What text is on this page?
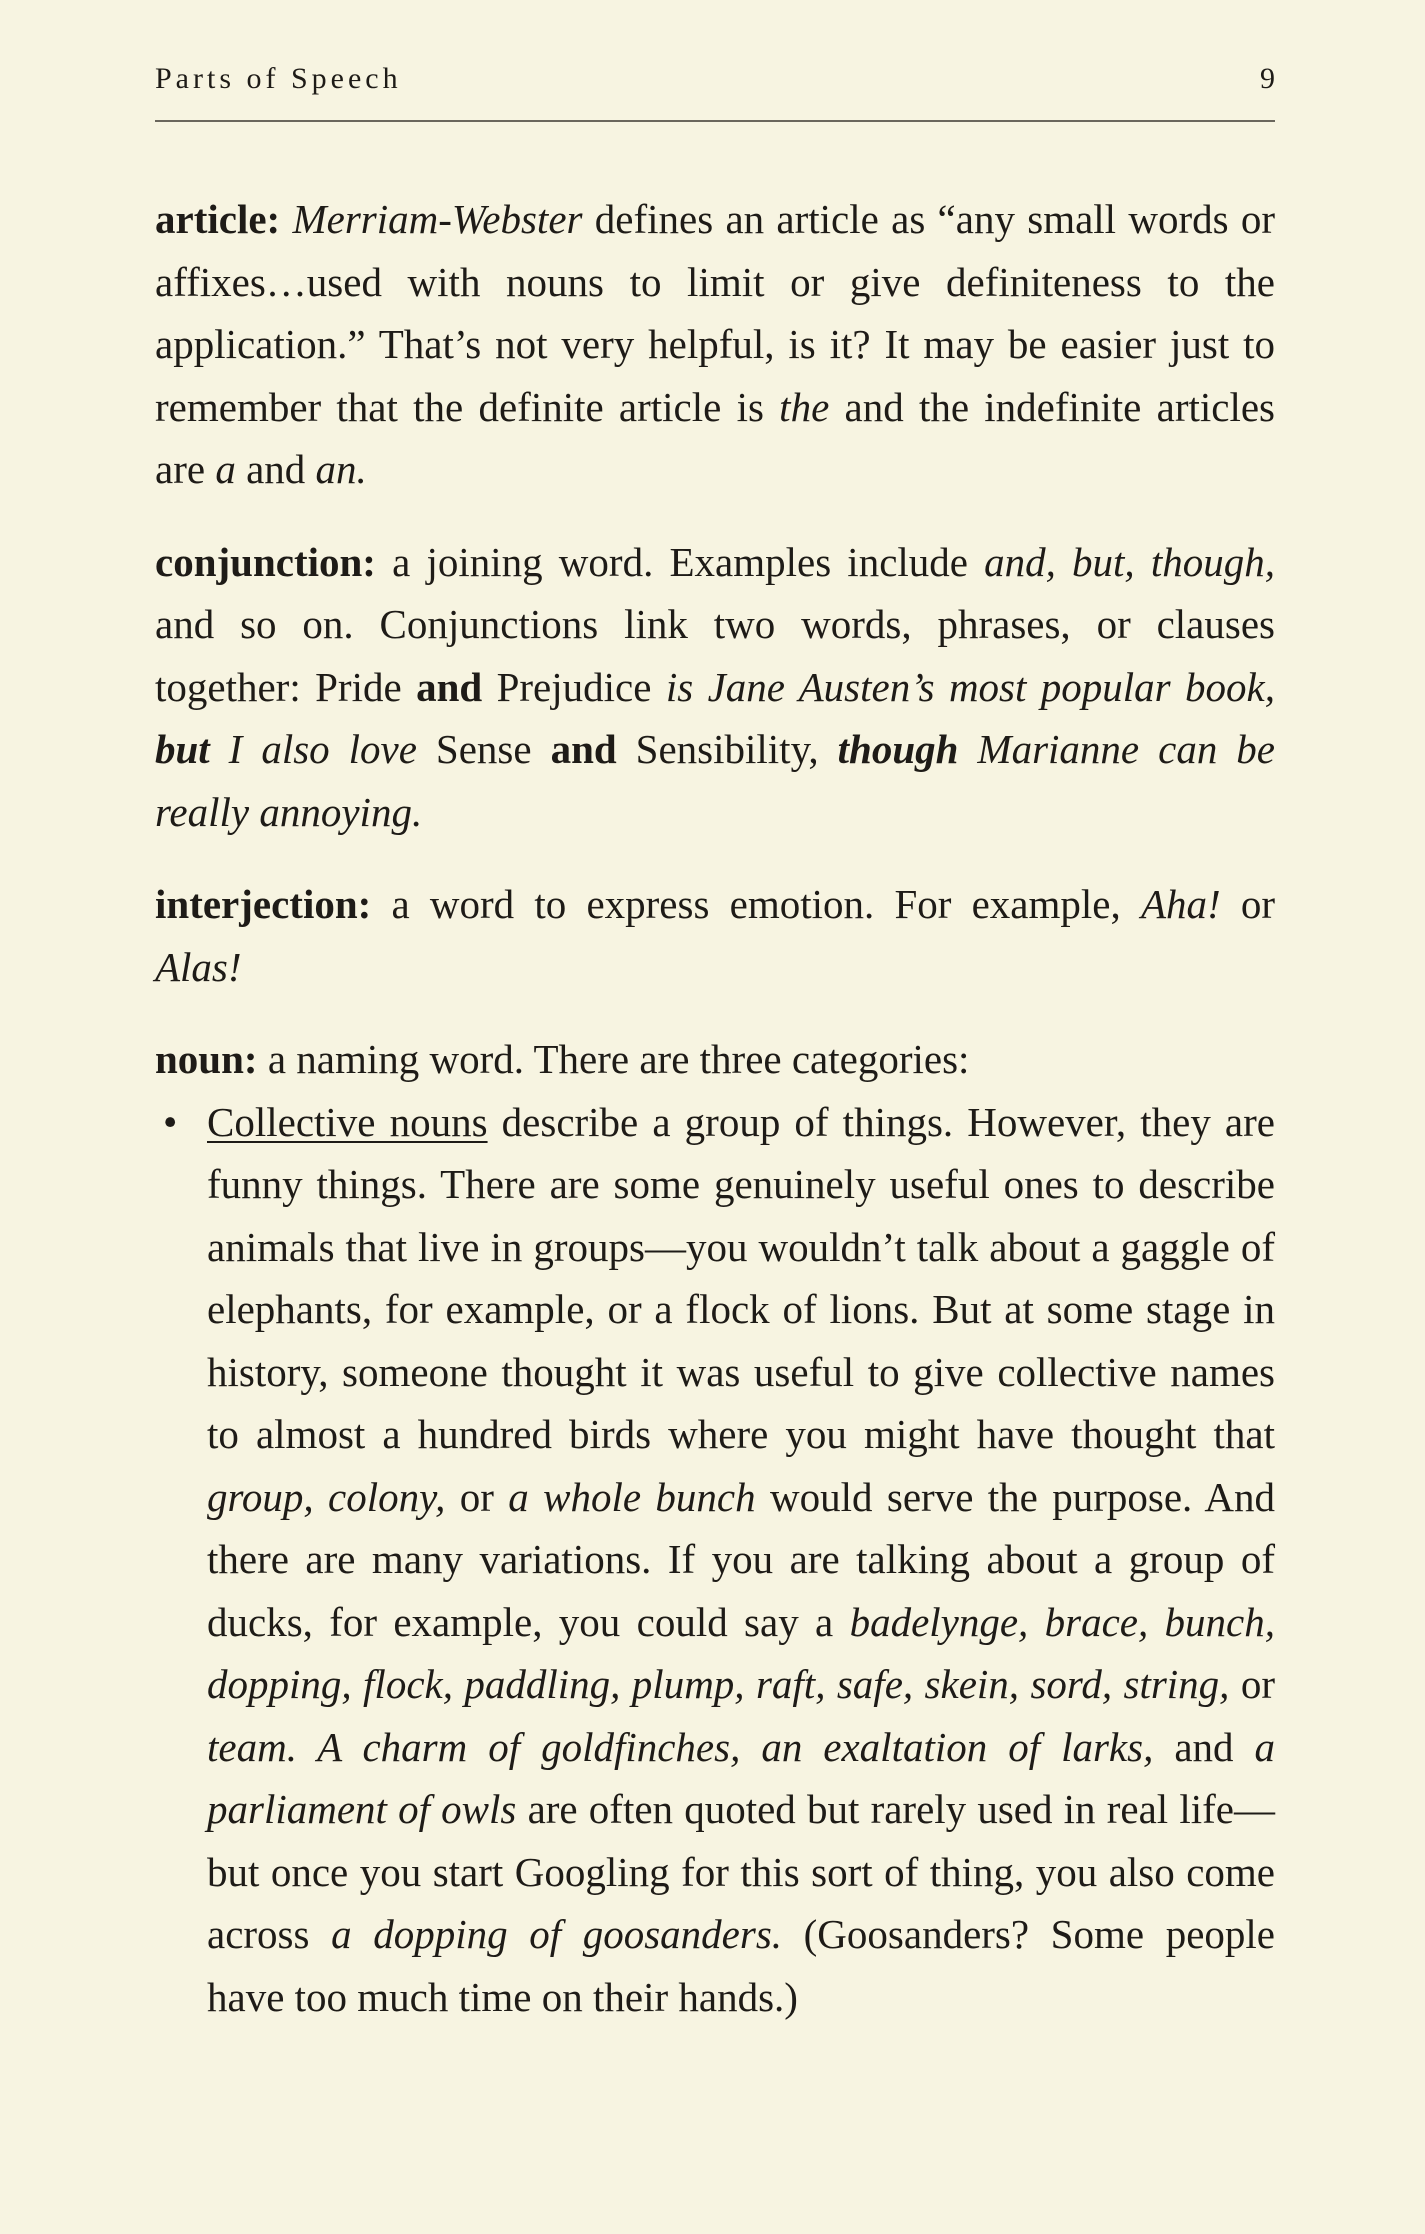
Parts of Speech	9

article: Merriam-Webster defines an article as “any small words or affixes…used with nouns to limit or give definiteness to the application.” That’s not very helpful, is it? It may be easier just to remember that the definite article is the and the indefinite articles are a and an.

conjunction: a joining word. Examples include and, but, though, and so on. Conjunctions link two words, phrases, or clauses together: Pride and Prejudice is Jane Austen’s most popular book, but I also love Sense and Sensibility, though Marianne can be really annoying.

interjection: a word to express emotion. For example, Aha! or Alas!

noun: a naming word. There are three categories:
• Collective nouns describe a group of things. However, they are funny things. There are some genuinely useful ones to describe animals that live in groups—you wouldn’t talk about a gaggle of elephants, for example, or a flock of lions. But at some stage in history, someone thought it was useful to give collective names to almost a hundred birds where you might have thought that group, colony, or a whole bunch would serve the purpose. And there are many variations. If you are talking about a group of ducks, for example, you could say a badelynge, brace, bunch, dopping, flock, paddling, plump, raft, safe, skein, sord, string, or team. A charm of goldfinches, an exaltation of larks, and a parliament of owls are often quoted but rarely used in real life—but once you start Googling for this sort of thing, you also come across a dopping of goosanders. (Goosanders? Some people have too much time on their hands.)
